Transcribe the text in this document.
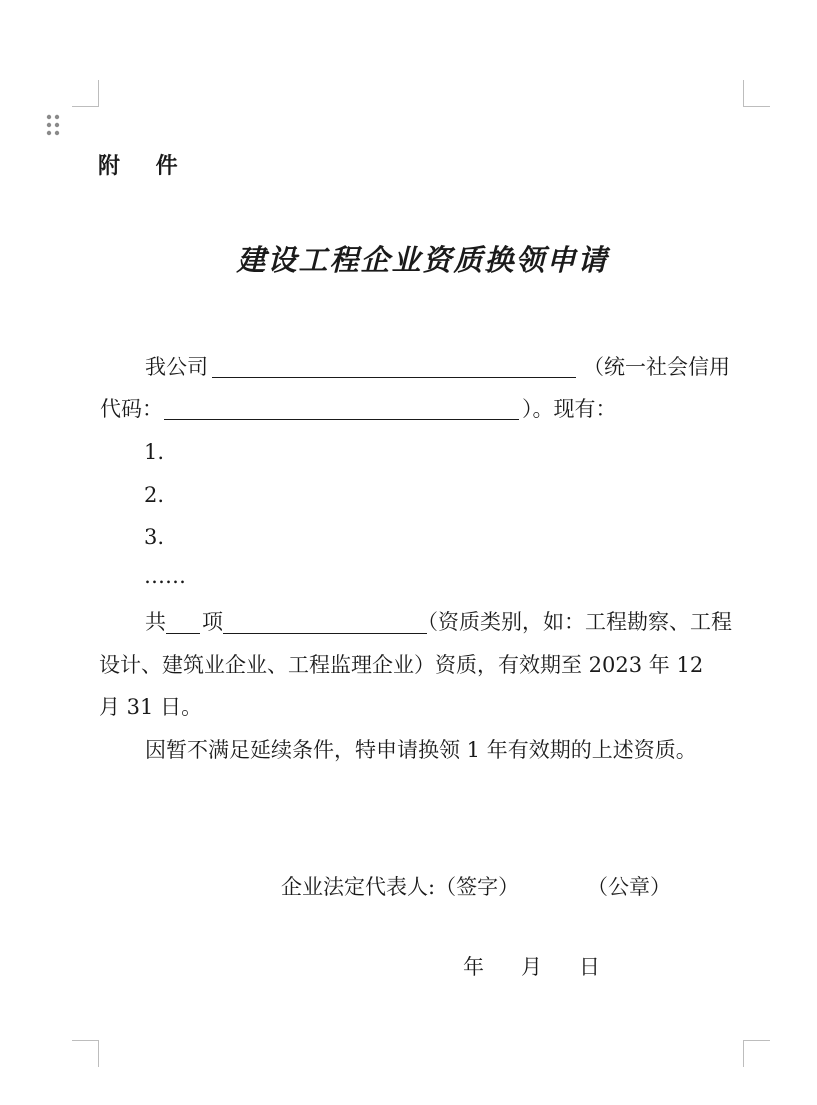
附 件
建设工程企业资质换领申请
我公司	（统一社会信用
代码：	）。现有：
1.
2.
3.
……
共 项	（资质类别，如：工程勘察、工程
设计、建筑业企业、工程监理企业）资质，有效期至 2023 年 12
月 31 日。
因暂不满足延续条件，特申请换领 1 年有效期的上述资质。
企业法定代表人:（签字）	（公章）
年 月 日
